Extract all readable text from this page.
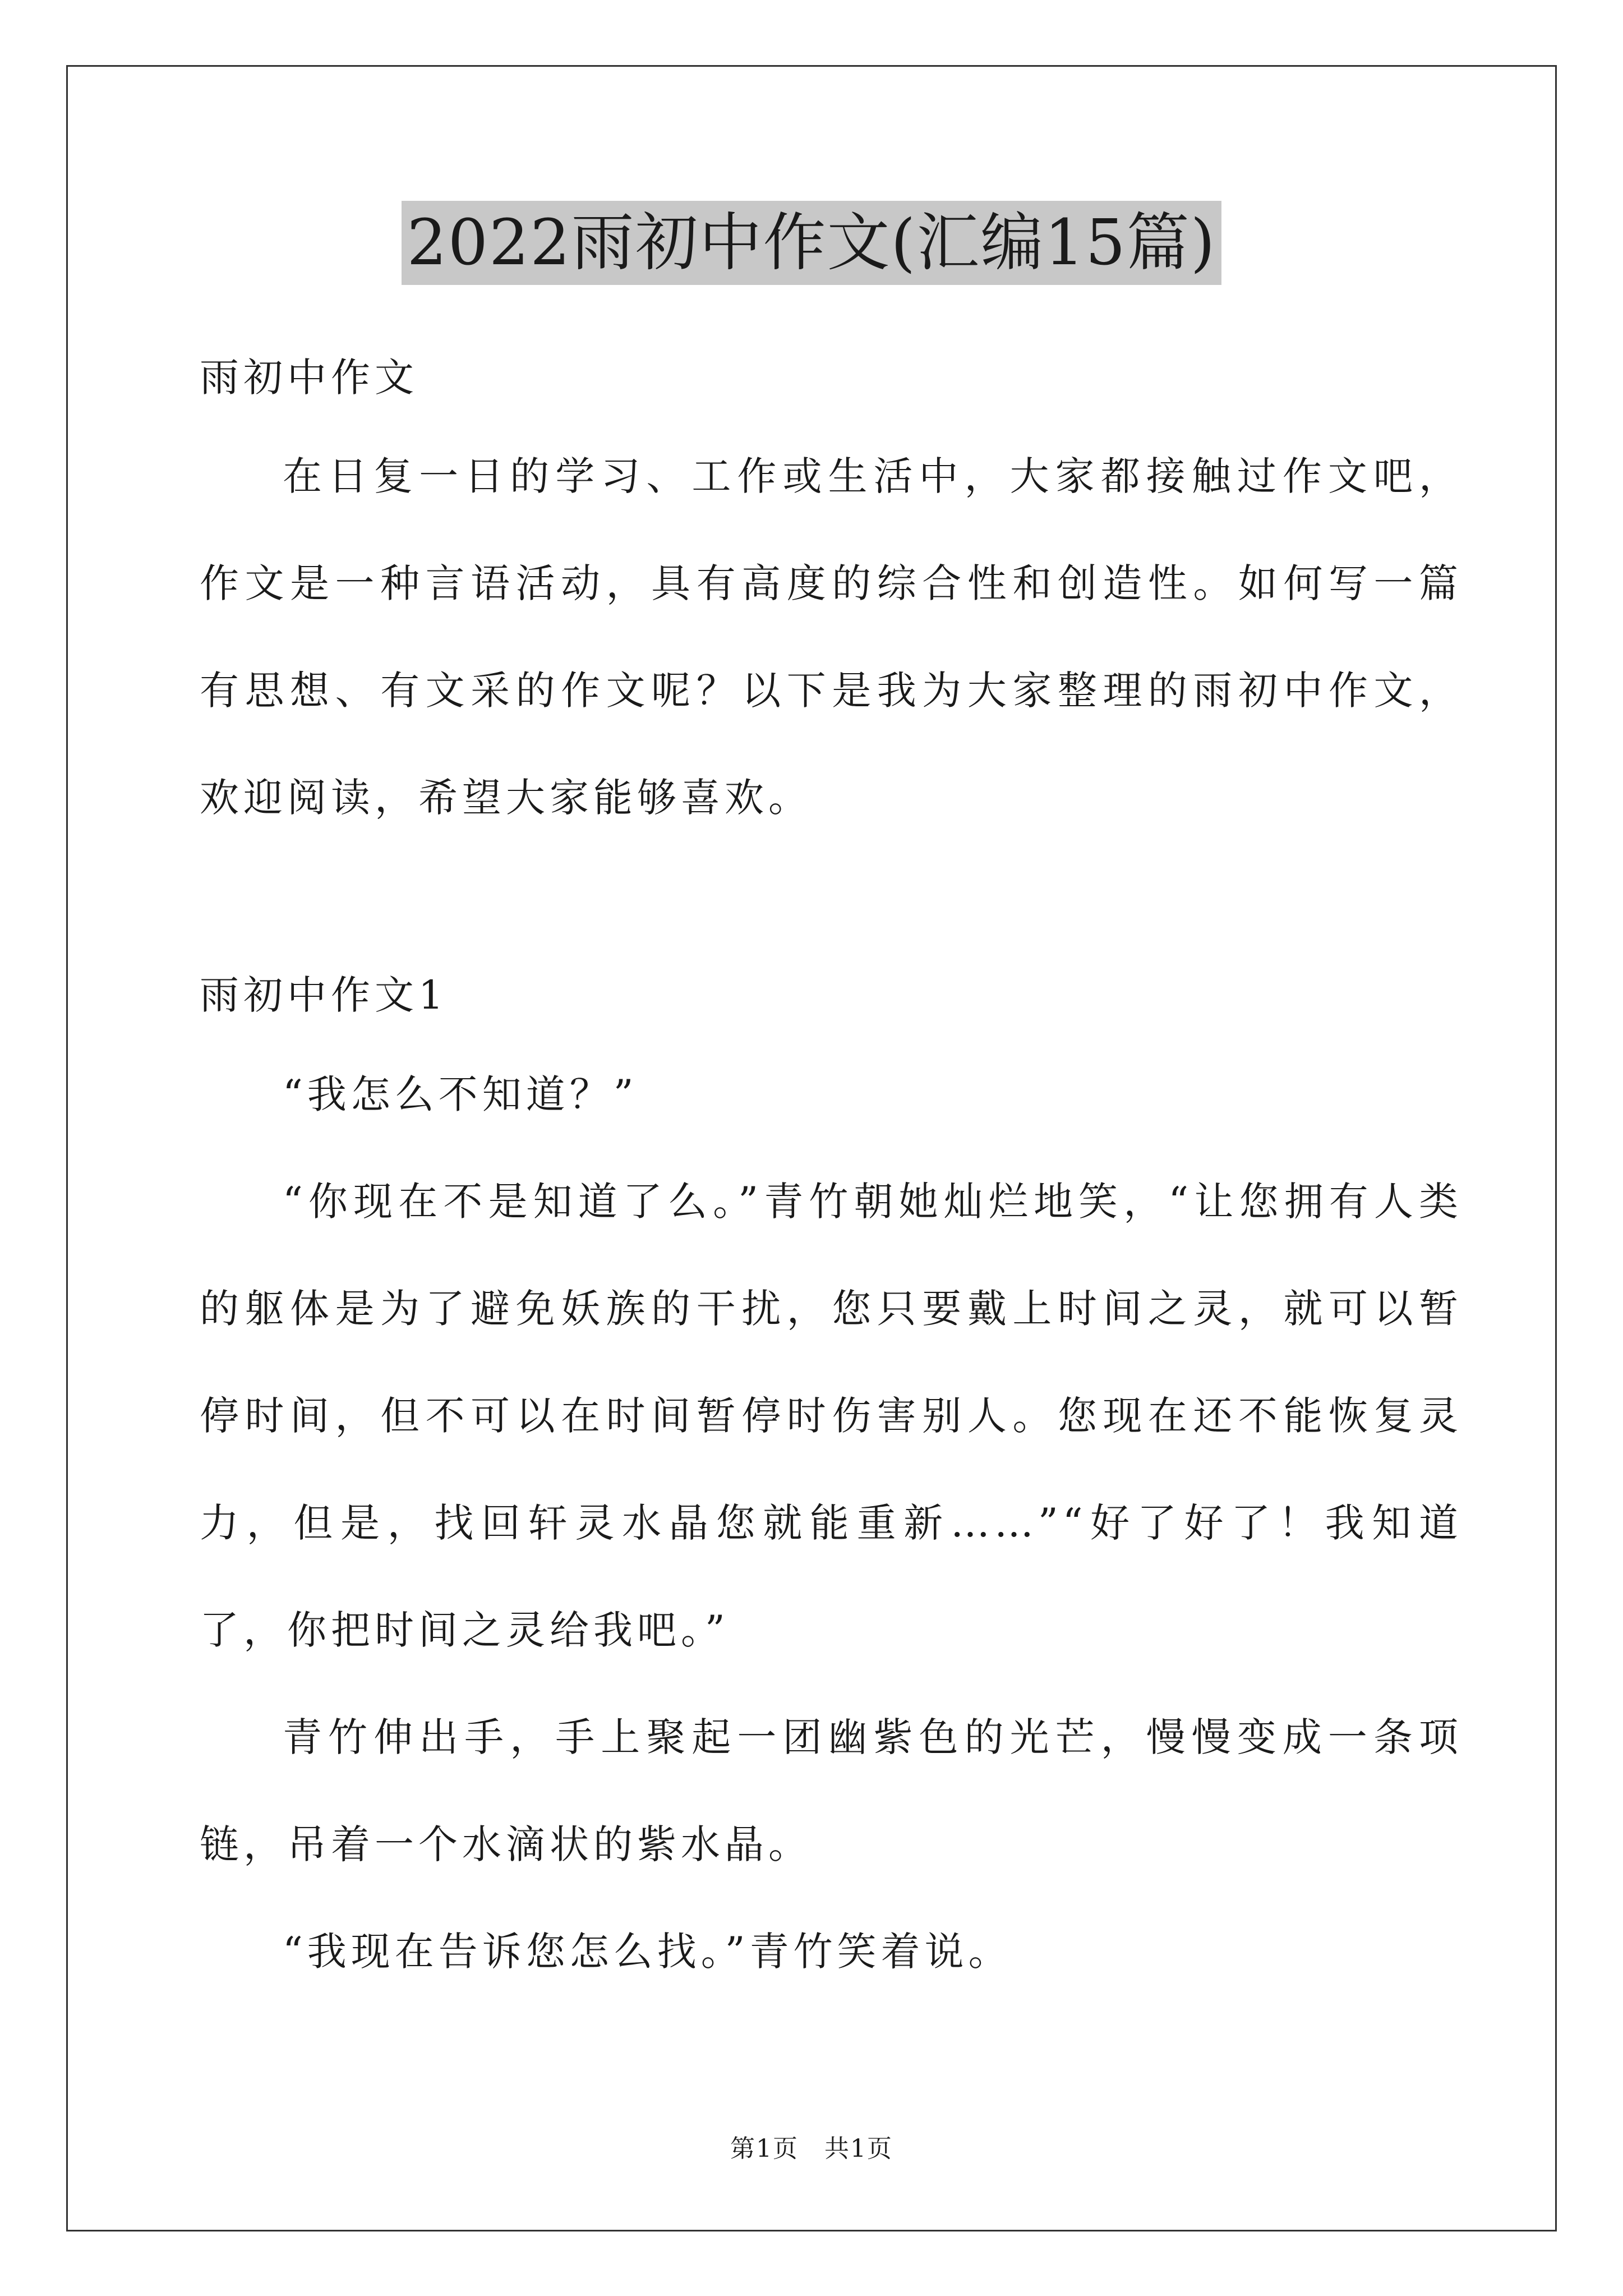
2022雨初中作文(汇编15篇)
雨初中作文
在日复一日的学习、工作或生活中，大家都接触过作文吧，作文是一种言语活动，具有高度的综合性和创造性。如何写一篇有思想、有文采的作文呢？以下是我为大家整理的雨初中作文，欢迎阅读，希望大家能够喜欢。
雨初中作文1
“我怎么不知道？”
“你现在不是知道了么。”青竹朝她灿烂地笑，“让您拥有人类的躯体是为了避免妖族的干扰，您只要戴上时间之灵，就可以暂停时间，但不可以在时间暂停时伤害别人。您现在还不能恢复灵力，但是，找回轩灵水晶您就能重新……”“好了好了！我知道了，你把时间之灵给我吧。”
青竹伸出手，手上聚起一团幽紫色的光芒，慢慢变成一条项链，吊着一个水滴状的紫水晶。
“我现在告诉您怎么找。”青竹笑着说。
第1页　共1页
